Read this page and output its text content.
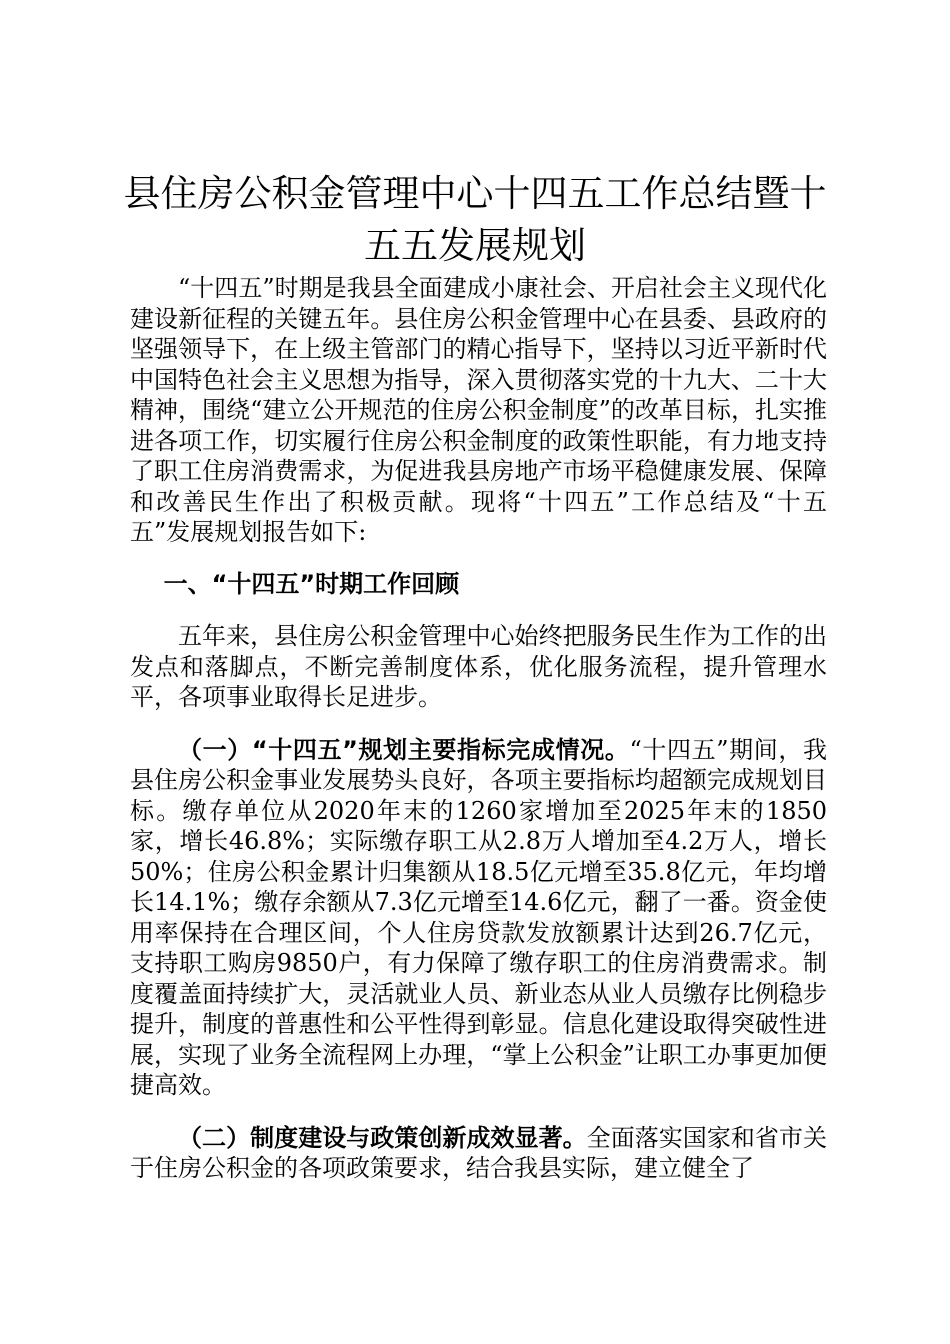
县住房公积金管理中心十四五工作总结暨十五五发展规划

“十四五”时期是我县全面建成小康社会、开启社会主义现代化建设新征程的关键五年。县住房公积金管理中心在县委、县政府的坚强领导下，在上级主管部门的精心指导下，坚持以习近平新时代中国特色社会主义思想为指导，深入贯彻落实党的十九大、二十大精神，围绕“建立公开规范的住房公积金制度”的改革目标，扎实推进各项工作，切实履行住房公积金制度的政策性职能，有力地支持了职工住房消费需求，为促进我县房地产市场平稳健康发展、保障和改善民生作出了积极贡献。现将“十四五”工作总结及“十五五”发展规划报告如下:

一、“十四五”时期工作回顾

五年来，县住房公积金管理中心始终把服务民生作为工作的出发点和落脚点，不断完善制度体系，优化服务流程，提升管理水平，各项事业取得长足进步。

（一）“十四五”规划主要指标完成情况。“十四五”期间，我县住房公积金事业发展势头良好，各项主要指标均超额完成规划目标。缴存单位从2020年末的1260家增加至2025年末的1850家，增长46.8%；实际缴存职工从2.8万人增加至4.2万人，增长50%；住房公积金累计归集额从18.5亿元增至35.8亿元，年均增长14.1%；缴存余额从7.3亿元增至14.6亿元，翻了一番。资金使用率保持在合理区间，个人住房贷款发放额累计达到26.7亿元，支持职工购房9850户，有力保障了缴存职工的住房消费需求。制度覆盖面持续扩大，灵活就业人员、新业态从业人员缴存比例稳步提升，制度的普惠性和公平性得到彰显。信息化建设取得突破性进展，实现了业务全流程网上办理，“掌上公积金”让职工办事更加便捷高效。

（二）制度建设与政策创新成效显著。全面落实国家和省市关于住房公积金的各项政策要求，结合我县实际，建立健全了
